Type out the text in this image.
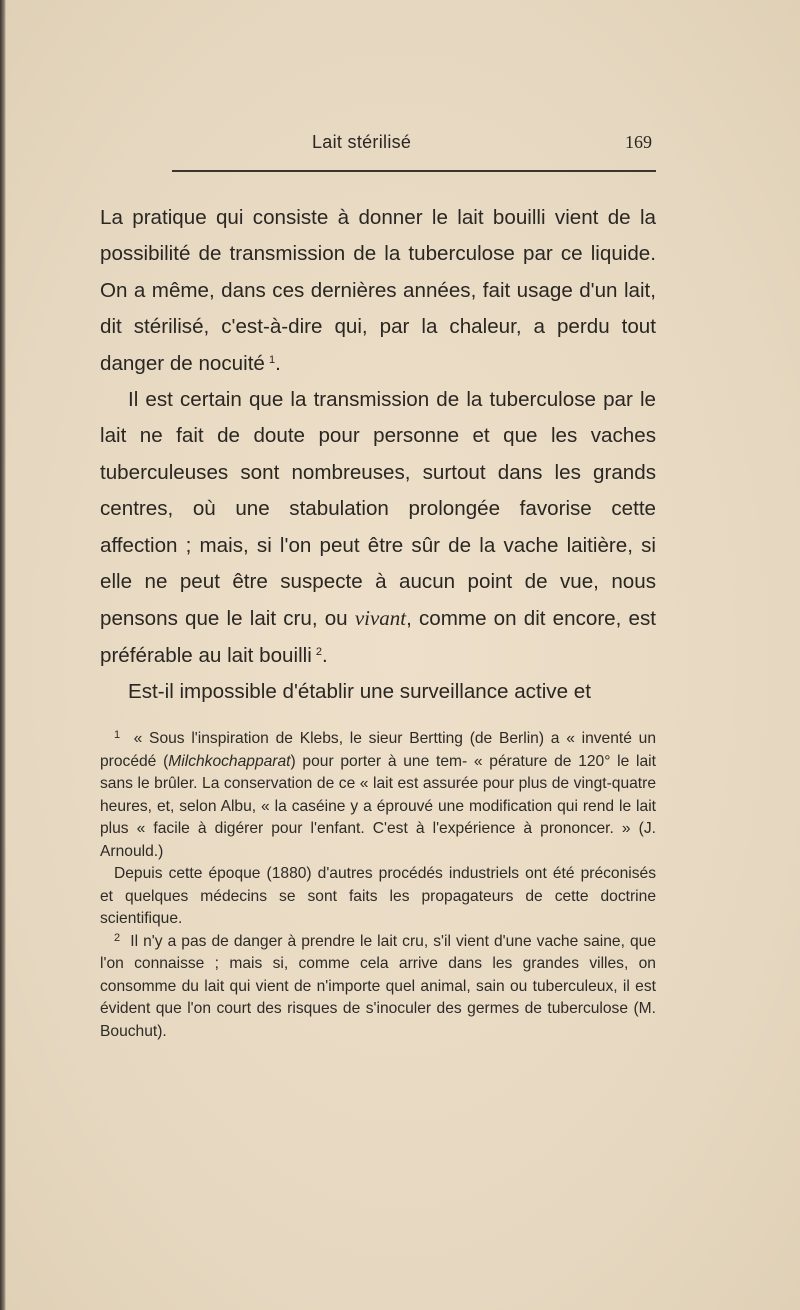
Lait stérilisé	169

La pratique qui consiste à donner le lait bouilli vient de la possibilité de transmission de la tuberculose par ce liquide. On a même, dans ces dernières années, fait usage d'un lait, dit stérilisé, c'est-à-dire qui, par la chaleur, a perdu tout danger de nocuité  $^1$.

Il est certain que la transmission de la tuberculose par le lait ne fait de doute pour personne et que les vaches tuberculeuses sont nombreuses, surtout dans les grands centres, où une stabulation prolongée favorise cette affection ; mais, si l'on peut être sûr de la vache laitière, si elle ne peut être suspecte à aucun point de vue, nous pensons que le lait cru, ou vivant, comme on dit encore, est préférable au lait bouilli  $^2$.

Est-il impossible d'établir une surveillance active et

$^1$ « Sous l'inspiration de Klebs, le sieur Bertting (de Berlin) a « inventé un procédé (Milchkochapparat) pour porter à une tem- « pérature de 120° le lait sans le brûler. La conservation de ce « lait est assurée pour plus de vingt-quatre heures, et, selon Albu, « la caséine y a éprouvé une modification qui rend le lait plus « facile à digérer pour l'enfant. C'est à l'expérience à prononcer. » (J. Arnould.)

Depuis cette époque (1880) d'autres procédés industriels ont été préconisés et quelques médecins se sont faits les propagateurs de cette doctrine scientifique.

$^2$ Il n'y a pas de danger à prendre le lait cru, s'il vient d'une vache saine, que l'on connaisse ; mais si, comme cela arrive dans les grandes villes, on consomme du lait qui vient de n'importe quel animal, sain ou tuberculeux, il est évident que l'on court des risques de s'inoculer des germes de tuberculose (M. Bouchut).
